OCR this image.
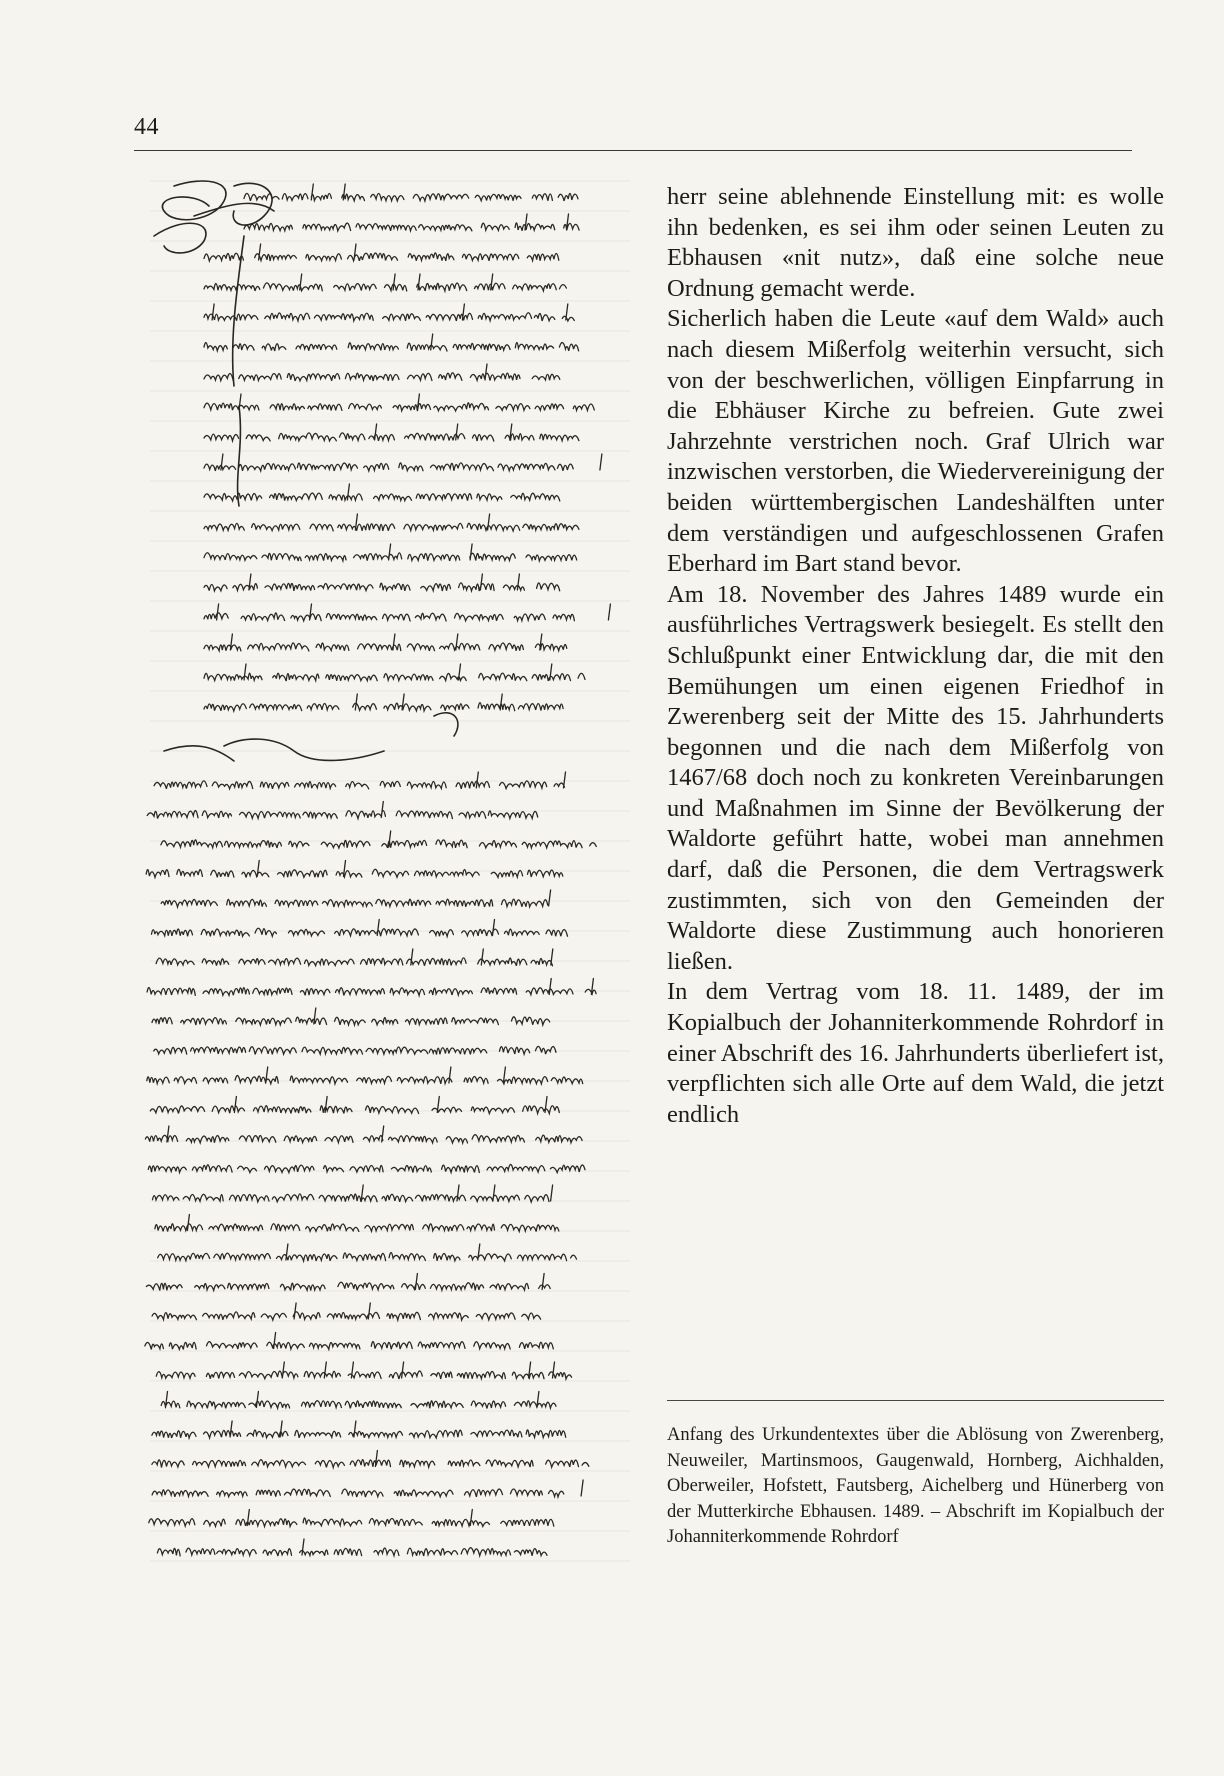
44

herr seine ablehnende Einstellung mit: es wolle ihn bedenken, es sei ihm oder seinen Leuten zu Ebhausen «nit nutz», daß eine solche neue Ordnung gemacht werde.

Sicherlich haben die Leute «auf dem Wald» auch nach diesem Mißerfolg weiterhin versucht, sich von der beschwerlichen, völligen Einpfarrung in die Ebhäuser Kirche zu befreien. Gute zwei Jahrzehnte verstrichen noch. Graf Ulrich war inzwischen verstorben, die Wiedervereinigung der beiden württembergischen Landeshälften unter dem verständigen und aufgeschlossenen Grafen Eberhard im Bart stand bevor.

Am 18. November des Jahres 1489 wurde ein ausführliches Vertragswerk besiegelt. Es stellt den Schlußpunkt einer Entwicklung dar, die mit den Bemühungen um einen eigenen Friedhof in Zwerenberg seit der Mitte des 15. Jahrhunderts begonnen und die nach dem Mißerfolg von 1467/68 doch noch zu konkreten Vereinbarungen und Maßnahmen im Sinne der Bevölkerung der Waldorte geführt hatte, wobei man annehmen darf, daß die Personen, die dem Vertragswerk zustimmten, sich von den Gemeinden der Waldorte diese Zustimmung auch honorieren ließen.

In dem Vertrag vom 18. 11. 1489, der im Kopialbuch der Johanniterkommende Rohrdorf in einer Abschrift des 16. Jahrhunderts überliefert ist, verpflichten sich alle Orte auf dem Wald, die jetzt endlich

Anfang des Urkundentextes über die Ablösung von Zwerenberg, Neuweiler, Martinsmoos, Gaugenwald, Hornberg, Aichhalden, Oberweiler, Hofstett, Fautsberg, Aichelberg und Hünerberg von der Mutterkirche Ebhausen. 1489. – Abschrift im Kopialbuch der Johanniterkommende Rohrdorf
